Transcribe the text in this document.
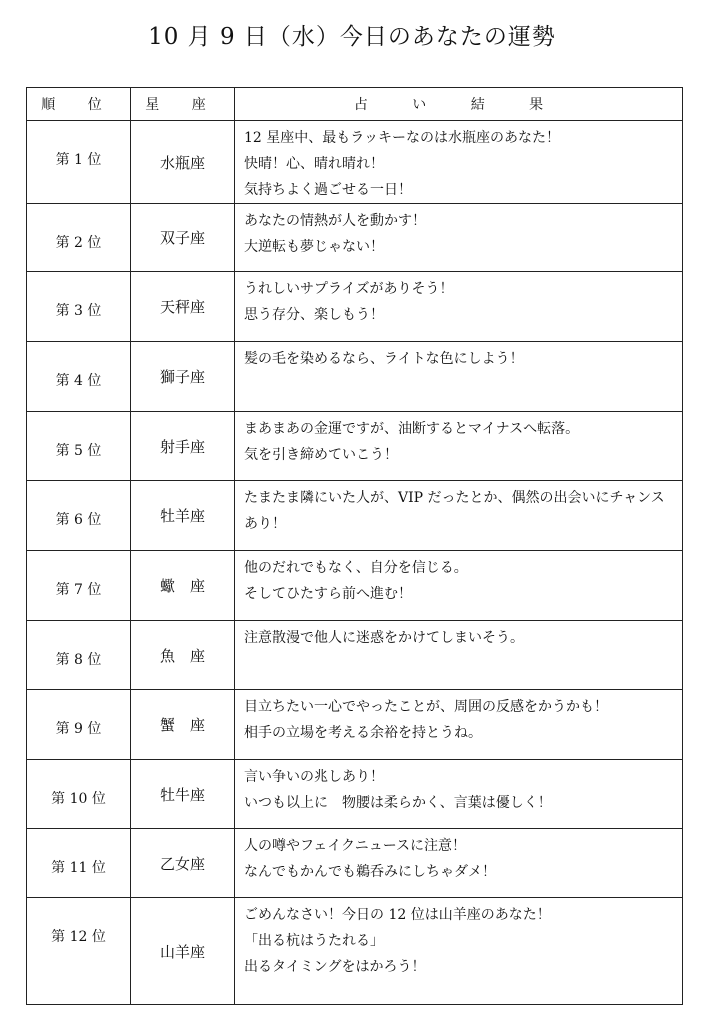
10 月 9 日（水）今日のあなたの運勢
順 位	星 座	占 い 結 果
第 1 位	水瓶座	12 星座中、最もラッキーなのは水瓶座のあなた！
快晴！心、晴れ晴れ！
気持ちよく過ごせる一日！

第 2 位	双子座	あなたの情熱が人を動かす！
大逆転も夢じゃない！

第 3 位	天秤座	うれしいサプライズがありそう！
思う存分、楽しもう！

第 4 位	獅子座	髪の毛を染めるなら、ライトな色にしよう！

第 5 位	射手座	まあまあの金運ですが、油断するとマイナスへ転落。
気を引き締めていこう！

第 6 位	牡羊座	たまたま隣にいた人が、VIP だったとか、偶然の出会いにチャンスあり！

第 7 位	蠍　座	他のだれでもなく、自分を信じる。
そしてひたすら前へ進む！

第 8 位	魚　座	注意散漫で他人に迷惑をかけてしまいそう。

第 9 位	蟹　座	目立ちたい一心でやったことが、周囲の反感をかうかも！
相手の立場を考える余裕を持とうね。

第 10 位	牡牛座	言い争いの兆しあり！
いつも以上に　物腰は柔らかく、言葉は優しく！

第 11 位	乙女座	人の噂やフェイクニュースに注意！
なんでもかんでも鵜呑みにしちゃダメ！

第 12 位	山羊座	ごめんなさい！今日の 12 位は山羊座のあなた！
「出る杭はうたれる」
出るタイミングをはかろう！
